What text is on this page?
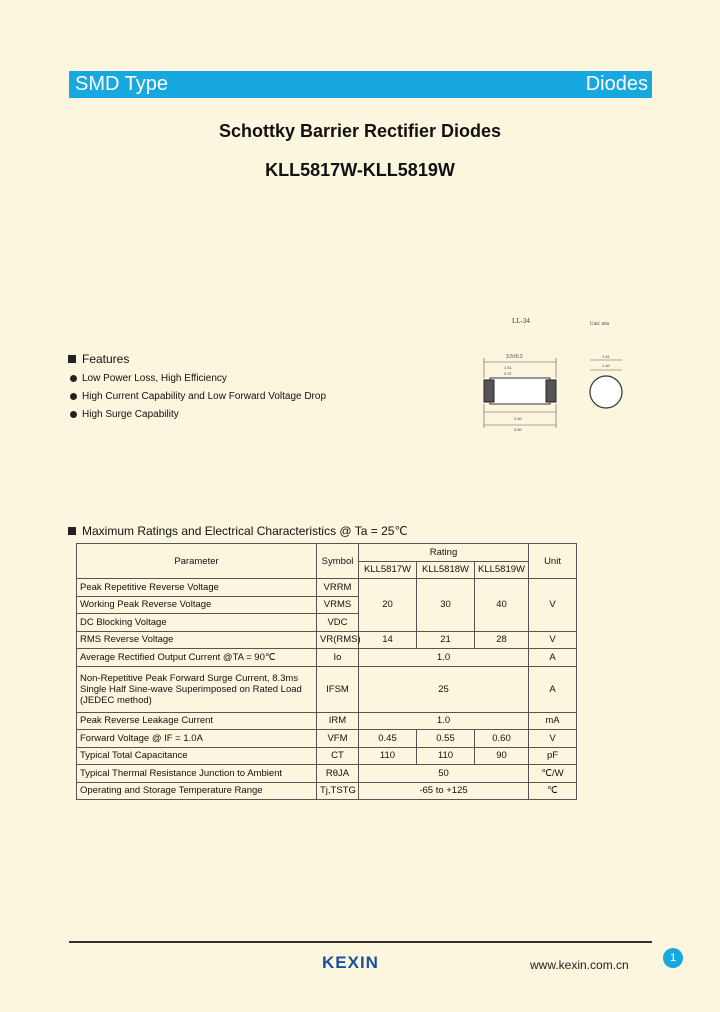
SMD Type	Diodes
Schottky Barrier Rectifier Diodes
KLL5817W-KLL5819W
LL-34	Unit: mm
3.5±0.2
1.51
0.37
3.40
3.50
1.51
1.40
Features
Low Power Loss, High Efficiency
High Current Capability and Low Forward Voltage Drop
High Surge Capability
Maximum Ratings and Electrical Characteristics @ Ta = 25℃
Parameter	Symbol	Rating			Unit
		KLL5817W	KLL5818W	KLL5819W	
Peak Repetitive Reverse Voltage	VRRM	20	30	40	V
Working Peak Reverse Voltage	VRMS				
DC Blocking Voltage	VDC				
RMS Reverse Voltage	VR(RMS)	14	21	28	V
Average Rectified Output Current @TA = 90℃	Io	1.0			A
Non-Repetitive Peak Forward Surge Current, 8.3ms Single Half Sine-wave Superimposed on Rated Load (JEDEC method)	IFSM	25			A
Peak Reverse Leakage Current	IRM	1.0			mA
Forward Voltage @ IF = 1.0A	VFM	0.45	0.55	0.60	V
Typical Total Capacitance	CT	110	110	90	pF
Typical Thermal Resistance Junction to Ambient	RθJA	50			℃/W
Operating and Storage Temperature Range	Tj,TSTG	-65 to +125			℃
KEXIN	www.kexin.com.cn	1
